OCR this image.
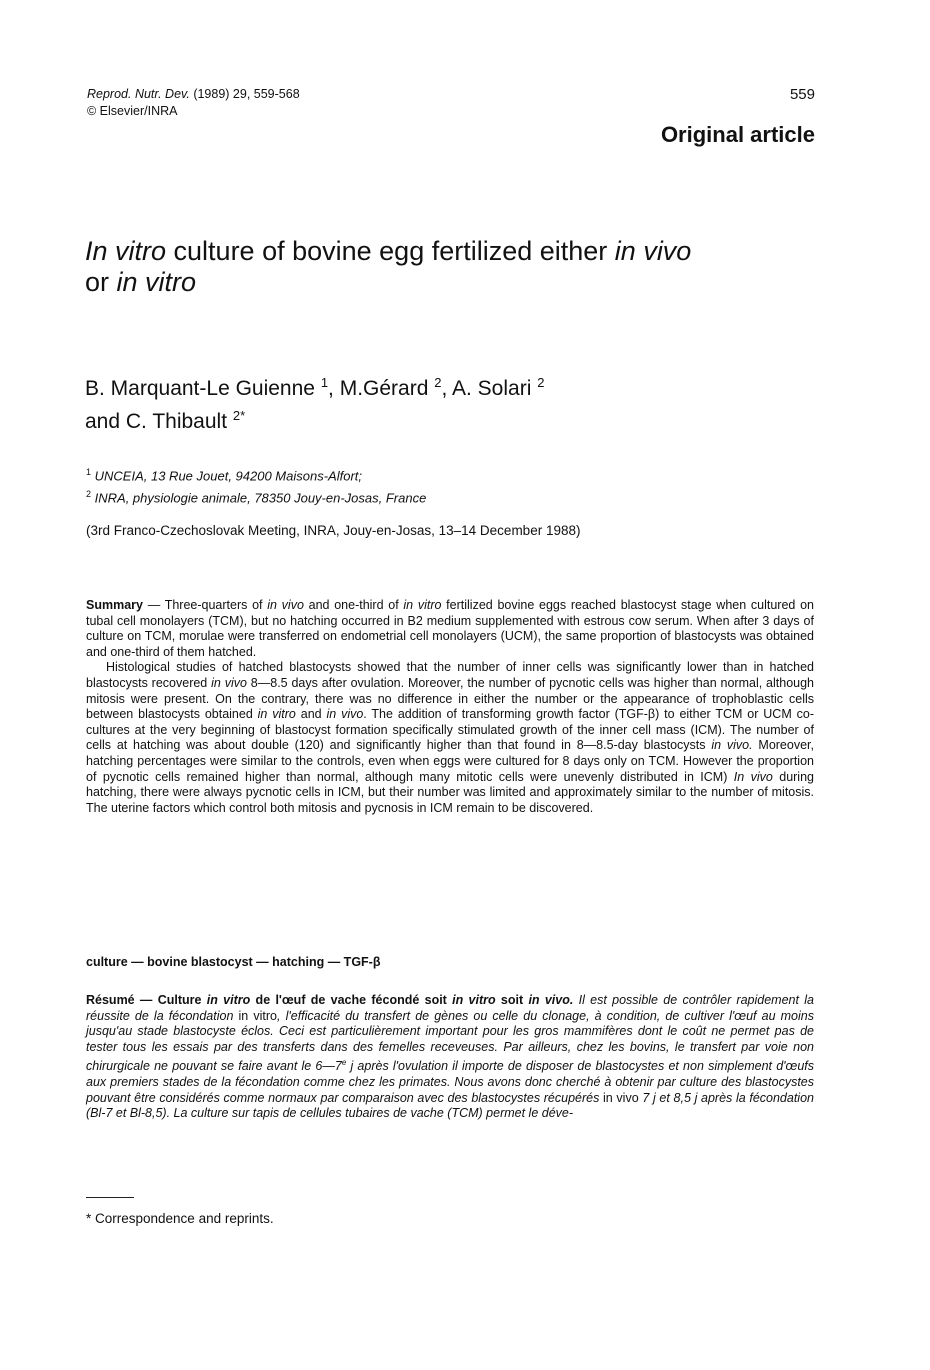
Reprod. Nutr. Dev. (1989) 29, 559-568
© Elsevier/INRA
559
Original article
In vitro culture of bovine egg fertilized either in vivo
or in vitro
B. Marquant-Le Guienne $^1$, M.Gérard $^2$, A. Solari $^2$
and C. Thibault $^{2*}$
$^1$ UNCEIA, 13 Rue Jouet, 94200 Maisons-Alfort;
$^2$ INRA, physiologie animale, 78350 Jouy-en-Josas, France
(3rd Franco-Czechoslovak Meeting, INRA, Jouy-en-Josas, 13–14 December 1988)

Summary — Three-quarters of in vivo and one-third of in vitro fertilized bovine eggs reached blastocyst stage when cultured on tubal cell monolayers (TCM), but no hatching occurred in B2 medium supplemented with estrous cow serum. When after 3 days of culture on TCM, morulae were transferred on endometrial cell monolayers (UCM), the same proportion of blastocysts was obtained and one-third of them hatched.

Histological studies of hatched blastocysts showed that the number of inner cells was significantly lower than in hatched blastocysts recovered in vivo 8—8.5 days after ovulation. Moreover, the number of pycnotic cells was higher than normal, although mitosis were present. On the contrary, there was no difference in either the number or the appearance of trophoblastic cells between blastocysts obtained in vitro and in vivo. The addition of transforming growth factor (TGF-β) to either TCM or UCM co-cultures at the very beginning of blastocyst formation specifically stimulated growth of the inner cell mass (ICM). The number of cells at hatching was about double (120) and significantly higher than that found in 8—8.5-day blastocysts in vivo. Moreover, hatching percentages were similar to the controls, even when eggs were cultured for 8 days only on TCM. However the proportion of pycnotic cells remained higher than normal, although many mitotic cells were unevenly distributed in ICM) In vivo during hatching, there were always pycnotic cells in ICM, but their number was limited and approximately similar to the number of mitosis. The uterine factors which control both mitosis and pycnosis in ICM remain to be discovered.

culture — bovine blastocyst — hatching — TGF-β
Résumé — Culture in vitro de l'œuf de vache fécondé soit in vitro soit in vivo. Il est possible de contrôler rapidement la réussite de la fécondation in vitro, l'efficacité du transfert de gènes ou celle du clonage, à condition, de cultiver l'œuf au moins jusqu'au stade blastocyste éclos. Ceci est particulièrement important pour les gros mammifères dont le coût ne permet pas de tester tous les essais par des transferts dans des femelles receveuses. Par ailleurs, chez les bovins, le transfert par voie non chirurgicale ne pouvant se faire avant le 6—7e j après l'ovulation il importe de disposer de blastocystes et non simplement d'œufs aux premiers stades de la fécondation comme chez les primates. Nous avons donc cherché à obtenir par culture des blastocystes pouvant être considérés comme normaux par comparaison avec des blastocystes récupérés in vivo 7 j et 8,5 j après la fécondation (Bl-7 et Bl-8,5). La culture sur tapis de cellules tubaires de vache (TCM) permet le déve-
* Correspondence and reprints.
